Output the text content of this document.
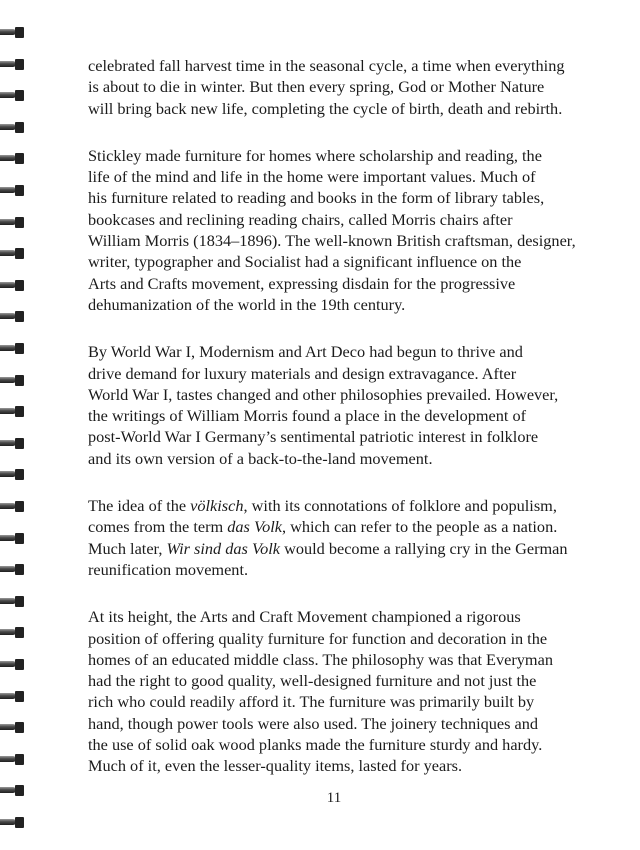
celebrated fall harvest time in the seasonal cycle, a time when everything
is about to die in winter. But then every spring, God or Mother Nature
will bring back new life, completing the cycle of birth, death and rebirth.

Stickley made furniture for homes where scholarship and reading, the
life of the mind and life in the home were important values. Much of
his furniture related to reading and books in the form of library tables,
bookcases and reclining reading chairs, called Morris chairs after
William Morris (1834–1896). The well-known British craftsman, designer,
writer, typographer and Socialist had a significant influence on the
Arts and Crafts movement, expressing disdain for the progressive
dehumanization of the world in the 19th century.

By World War I, Modernism and Art Deco had begun to thrive and
drive demand for luxury materials and design extravagance. After
World War I, tastes changed and other philosophies prevailed. However,
the writings of William Morris found a place in the development of
post-World War I Germany’s sentimental patriotic interest in folklore
and its own version of a back-to-the-land movement.

The idea of the völkisch, with its connotations of folklore and populism,
comes from the term das Volk, which can refer to the people as a nation.
Much later, Wir sind das Volk would become a rallying cry in the German
reunification movement.

At its height, the Arts and Craft Movement championed a rigorous
position of offering quality furniture for function and decoration in the
homes of an educated middle class. The philosophy was that Everyman
had the right to good quality, well-designed furniture and not just the
rich who could readily afford it. The furniture was primarily built by
hand, though power tools were also used. The joinery techniques and
the use of solid oak wood planks made the furniture sturdy and hardy.
Much of it, even the lesser-quality items, lasted for years.

11
